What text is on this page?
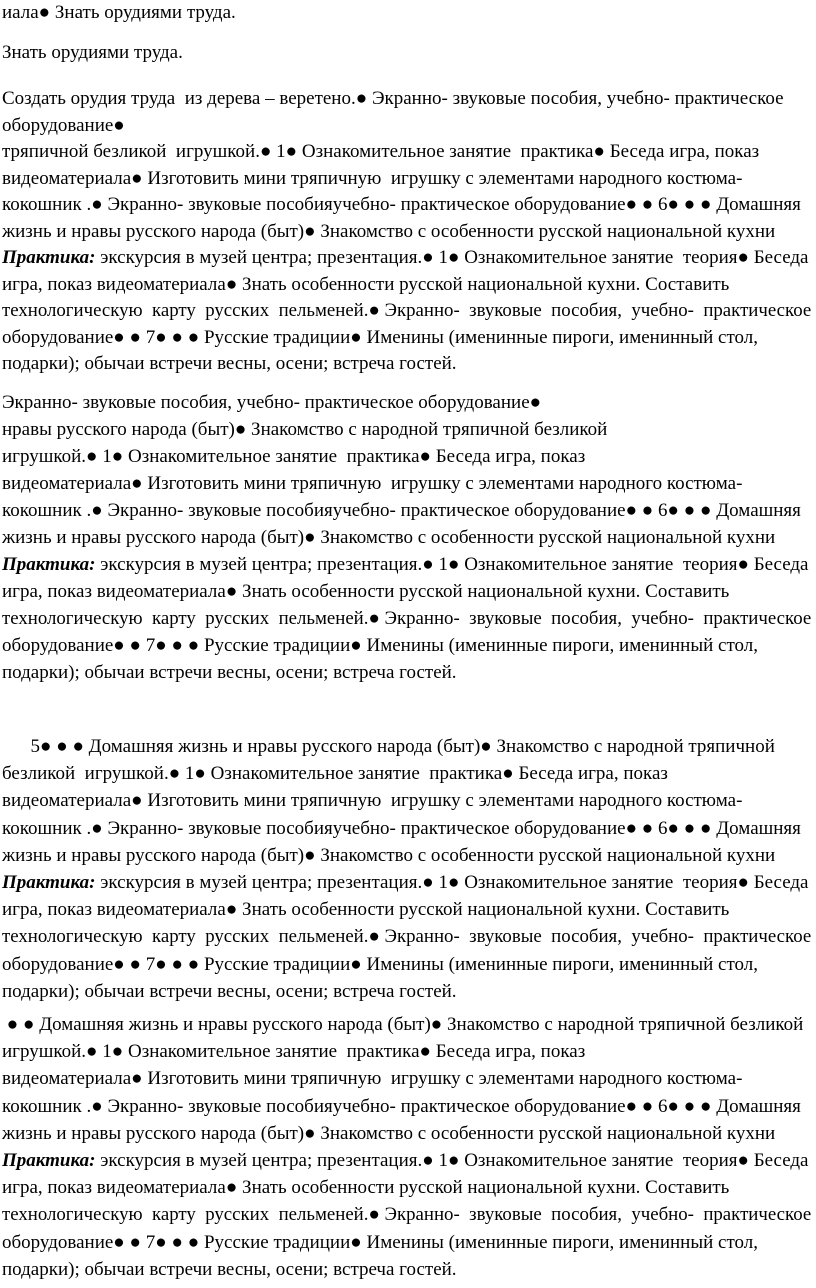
иала● Знать орудиями труда.
Знать орудиями труда.
Создать орудия труда  из дерева – веретено.● Экранно- звуковые пособия, учебно- практическое
оборудование●
тряпичной безликой  игрушкой.● 1● Ознакомительное занятие  практика● Беседа игра, показ
видеоматериала● Изготовить мини тряпичную  игрушку с элементами народного костюма-
кокошник .● Экранно- звуковые пособияучебно- практическое оборудование● ● 6● ● ● Домашняя
жизнь и нравы русского народа (быт)● Знакомство с особенности русской национальной кухни
Практика: экскурсия в музей центра; презентация.● 1● Ознакомительное занятие  теория● Беседа
игра, показ видеоматериала● Знать особенности русской национальной кухни. Составить
технологическую  карту  русских  пельменей.● Экранно-  звуковые  пособия,  учебно-  практическое
оборудование● ● 7● ● ● Русские традиции● Именины (именинные пироги, именинный стол,
подарки); обычаи встречи весны, осени; встреча гостей.
Экранно- звуковые пособия, учебно- практическое оборудование●
нравы русского народа (быт)● Знакомство с народной тряпичной безликой
игрушкой.● 1● Ознакомительное занятие  практика● Беседа игра, показ
видеоматериала● Изготовить мини тряпичную  игрушку с элементами народного костюма-
кокошник .● Экранно- звуковые пособияучебно- практическое оборудование● ● 6● ● ● Домашняя
жизнь и нравы русского народа (быт)● Знакомство с особенности русской национальной кухни
Практика: экскурсия в музей центра; презентация.● 1● Ознакомительное занятие  теория● Беседа
игра, показ видеоматериала● Знать особенности русской национальной кухни. Составить
технологическую  карту  русских  пельменей.● Экранно-  звуковые  пособия,  учебно-  практическое
оборудование● ● 7● ● ● Русские традиции● Именины (именинные пироги, именинный стол,
подарки); обычаи встречи весны, осени; встреча гостей.
5● ● ● Домашняя жизнь и нравы русского народа (быт)● Знакомство с народной тряпичной
безликой  игрушкой.● 1● Ознакомительное занятие  практика● Беседа игра, показ
видеоматериала● Изготовить мини тряпичную  игрушку с элементами народного костюма-
кокошник .● Экранно- звуковые пособияучебно- практическое оборудование● ● 6● ● ● Домашняя
жизнь и нравы русского народа (быт)● Знакомство с особенности русской национальной кухни
Практика: экскурсия в музей центра; презентация.● 1● Ознакомительное занятие  теория● Беседа
игра, показ видеоматериала● Знать особенности русской национальной кухни. Составить
технологическую  карту  русских  пельменей.● Экранно-  звуковые  пособия,  учебно-  практическое
оборудование● ● 7● ● ● Русские традиции● Именины (именинные пироги, именинный стол,
подарки); обычаи встречи весны, осени; встреча гостей.
● ● Домашняя жизнь и нравы русского народа (быт)● Знакомство с народной тряпичной безликой
игрушкой.● 1● Ознакомительное занятие  практика● Беседа игра, показ
видеоматериала● Изготовить мини тряпичную  игрушку с элементами народного костюма-
кокошник .● Экранно- звуковые пособияучебно- практическое оборудование● ● 6● ● ● Домашняя
жизнь и нравы русского народа (быт)● Знакомство с особенности русской национальной кухни
Практика: экскурсия в музей центра; презентация.● 1● Ознакомительное занятие  теория● Беседа
игра, показ видеоматериала● Знать особенности русской национальной кухни. Составить
технологическую  карту  русских  пельменей.● Экранно-  звуковые  пособия,  учебно-  практическое
оборудование● ● 7● ● ● Русские традиции● Именины (именинные пироги, именинный стол,
подарки); обычаи встречи весны, осени; встреча гостей.
